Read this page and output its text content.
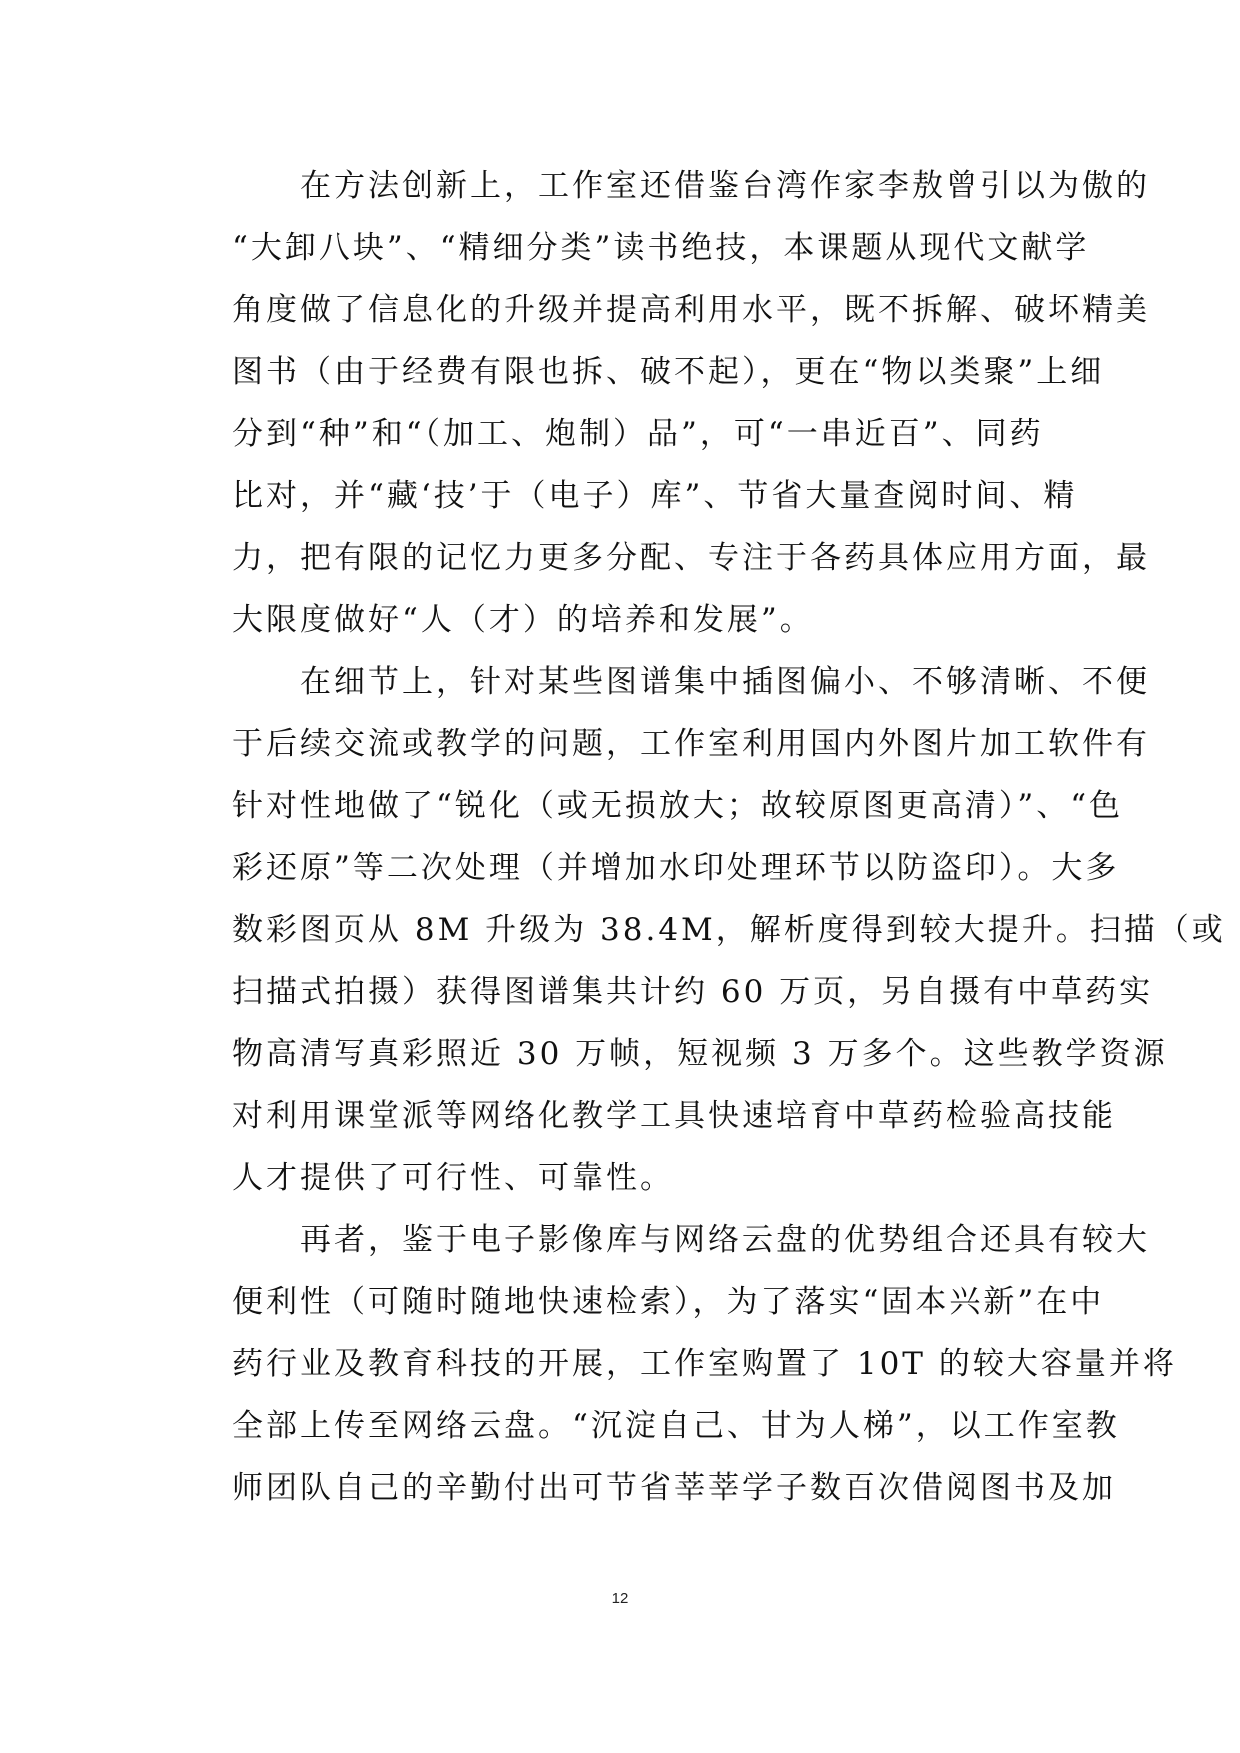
　　在方法创新上，工作室还借鉴台湾作家李敖曾引以为傲的
“大卸八块”、“精细分类”读书绝技，本课题从现代文献学
角度做了信息化的升级并提高利用水平，既不拆解、破坏精美
图书（由于经费有限也拆、破不起），更在“物以类聚”上细
分到“种”和“（加工、炮制）品”，可“一串近百”、同药
比对，并“藏‘技’于（电子）库”、节省大量查阅时间、精
力，把有限的记忆力更多分配、专注于各药具体应用方面，最
大限度做好“人（才）的培养和发展”。
　　在细节上，针对某些图谱集中插图偏小、不够清晰、不便
于后续交流或教学的问题，工作室利用国内外图片加工软件有
针对性地做了“锐化（或无损放大；故较原图更高清）”、“色
彩还原”等二次处理（并增加水印处理环节以防盗印）。大多
数彩图页从 8M 升级为 38.4M，解析度得到较大提升。扫描（或
扫描式拍摄）获得图谱集共计约 60 万页，另自摄有中草药实
物高清写真彩照近 30 万帧，短视频 3 万多个。这些教学资源
对利用课堂派等网络化教学工具快速培育中草药检验高技能
人才提供了可行性、可靠性。
　　再者，鉴于电子影像库与网络云盘的优势组合还具有较大
便利性（可随时随地快速检索），为了落实“固本兴新”在中
药行业及教育科技的开展，工作室购置了 10T 的较大容量并将
全部上传至网络云盘。“沉淀自己、甘为人梯”，以工作室教
师团队自己的辛勤付出可节省莘莘学子数百次借阅图书及加
12
